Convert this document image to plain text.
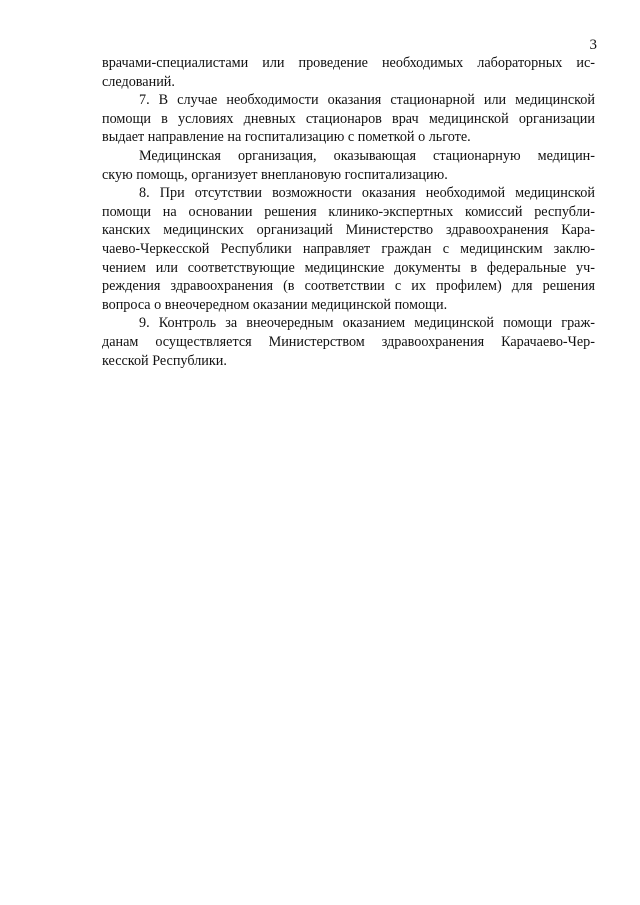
3
врачами-специалистами или проведение необходимых лабораторных ис-
следований.
7. В случае необходимости оказания стационарной или медицинской
помощи в условиях дневных стационаров врач медицинской организации
выдает направление на госпитализацию с пометкой о льготе.
Медицинская организация, оказывающая стационарную медицин-
скую помощь, организует внеплановую госпитализацию.
8. При отсутствии возможности оказания необходимой медицинской
помощи на основании решения клинико-экспертных комиссий республи-
канских медицинских организаций Министерство здравоохранения Кара-
чаево-Черкесской Республики направляет граждан с медицинским заклю-
чением или соответствующие медицинские документы в федеральные уч-
реждения здравоохранения (в соответствии с их профилем) для решения
вопроса о внеочередном оказании медицинской помощи.
9. Контроль за внеочередным оказанием медицинской помощи граж-
данам осуществляется Министерством здравоохранения Карачаево-Чер-
кесской Республики.
